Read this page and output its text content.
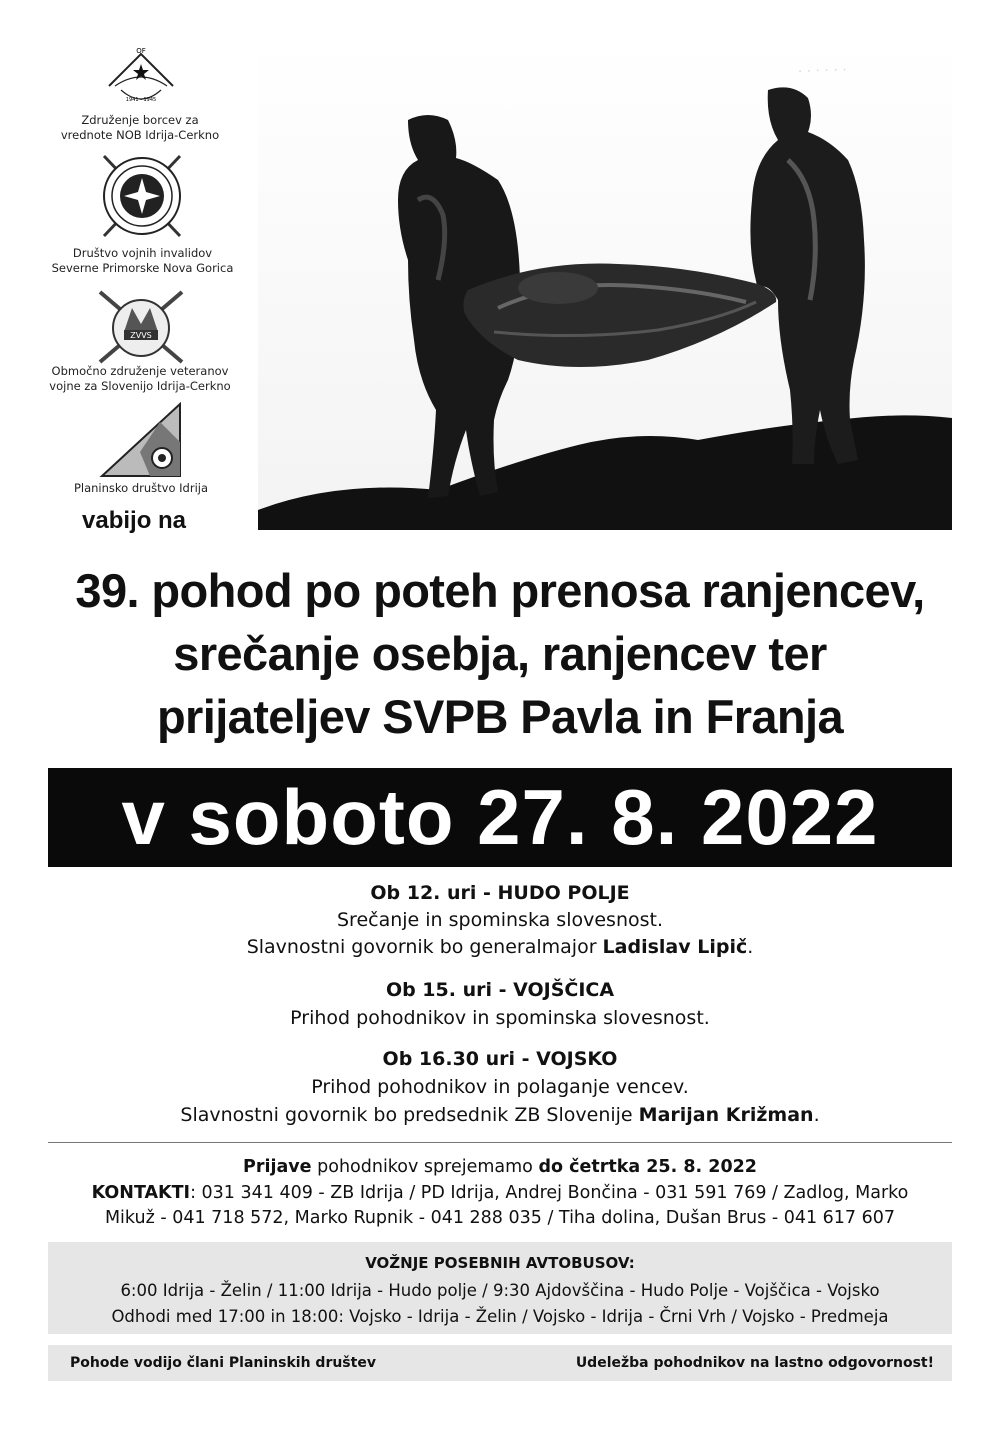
OF
1941 - 1945
Združenje borcev za
vrednote NOB Idrija-Cerkno
Društvo vojnih invalidov
Severne Primorske Nova Gorica
ZVVS
Območno združenje veteranov
vojne za Slovenijo Idrija-Cerkno
Planinsko društvo Idrija
· · · · · ·
vabijo na
39. pohod po poteh prenosa ranjencev,
srečanje osebja, ranjencev ter
prijateljev SVPB Pavla in Franja
v soboto 27. 8. 2022
Ob 12. uri - HUDO POLJE
Srečanje in spominska slovesnost.
Slavnostni govornik bo generalmajor Ladislav Lipič.
Ob 15. uri - VOJŠČICA
Prihod pohodnikov in spominska slovesnost.
Ob 16.30 uri - VOJSKO
Prihod pohodnikov in polaganje vencev.
Slavnostni govornik bo predsednik ZB Slovenije Marijan Križman.
Prijave pohodnikov sprejemamo do četrtka 25. 8. 2022
KONTAKTI: 031 341 409 - ZB Idrija / PD Idrija, Andrej Bončina - 031 591 769 / Zadlog, Marko
Mikuž - 041 718 572, Marko Rupnik - 041 288 035 / Tiha dolina, Dušan Brus - 041 617 607
VOŽNJE POSEBNIH AVTOBUSOV:
6:00 Idrija - Želin / 11:00 Idrija - Hudo polje / 9:30 Ajdovščina - Hudo Polje - Vojščica - Vojsko
Odhodi med 17:00 in 18:00: Vojsko - Idrija - Želin / Vojsko - Idrija - Črni Vrh / Vojsko - Predmeja
Pohode vodijo člani Planinskih društev	Udeležba pohodnikov na lastno odgovornost!
